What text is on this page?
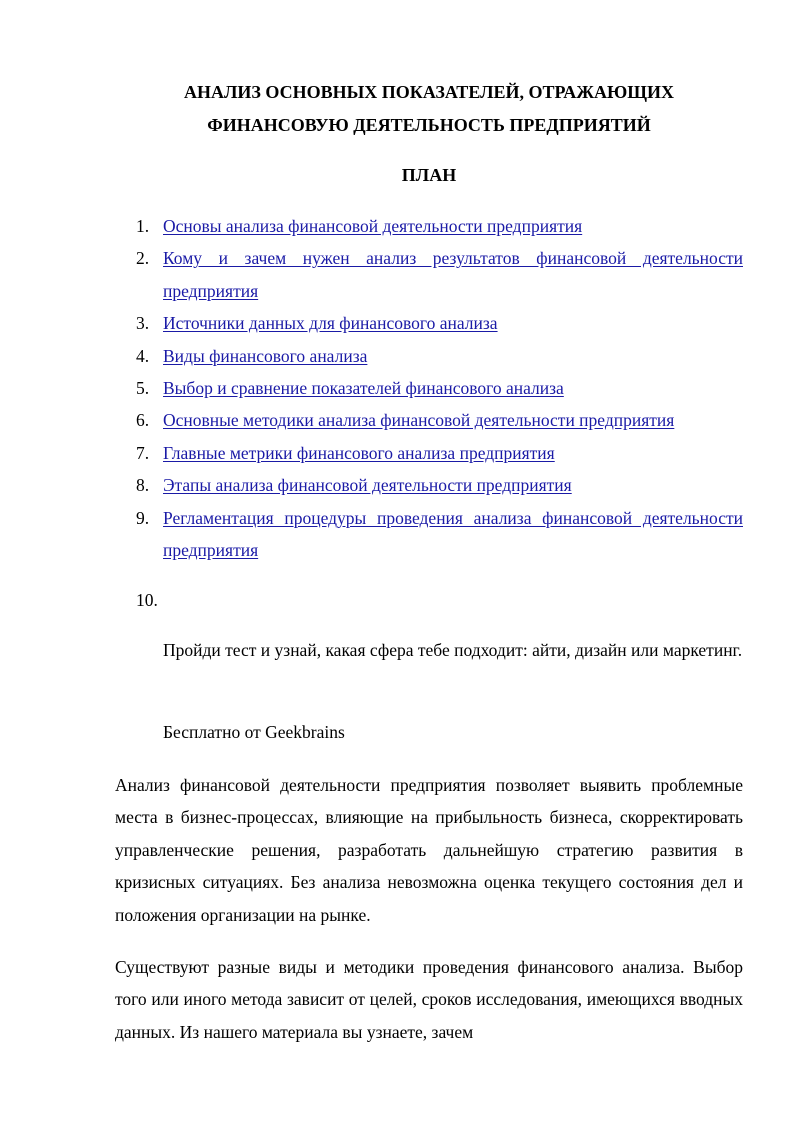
АНАЛИЗ ОСНОВНЫХ ПОКАЗАТЕЛЕЙ, ОТРАЖАЮЩИХ
ФИНАНСОВУЮ ДЕЯТЕЛЬНОСТЬ ПРЕДПРИЯТИЙ
ПЛАН
1. Основы анализа финансовой деятельности предприятия
2. Кому и зачем нужен анализ результатов финансовой деятельности предприятия
3. Источники данных для финансового анализа
4. Виды финансового анализа
5. Выбор и сравнение показателей финансового анализа
6. Основные методики анализа финансовой деятельности предприятия
7. Главные метрики финансового анализа предприятия
8. Этапы анализа финансовой деятельности предприятия
9. Регламентация процедуры проведения анализа финансовой деятельности предприятия
10.

Пройди тест и узнай, какая сфера тебе подходит: айти, дизайн или маркетинг.

Бесплатно от Geekbrains

Анализ финансовой деятельности предприятия позволяет выявить проблемные места в бизнес-процессах, влияющие на прибыльность бизнеса, скорректировать управленческие решения, разработать дальнейшую стратегию развития в кризисных ситуациях. Без анализа невозможна оценка текущего состояния дел и положения организации на рынке.

Существуют разные виды и методики проведения финансового анализа. Выбор того или иного метода зависит от целей, сроков исследования, имеющихся вводных данных. Из нашего материала вы узнаете, зачем
